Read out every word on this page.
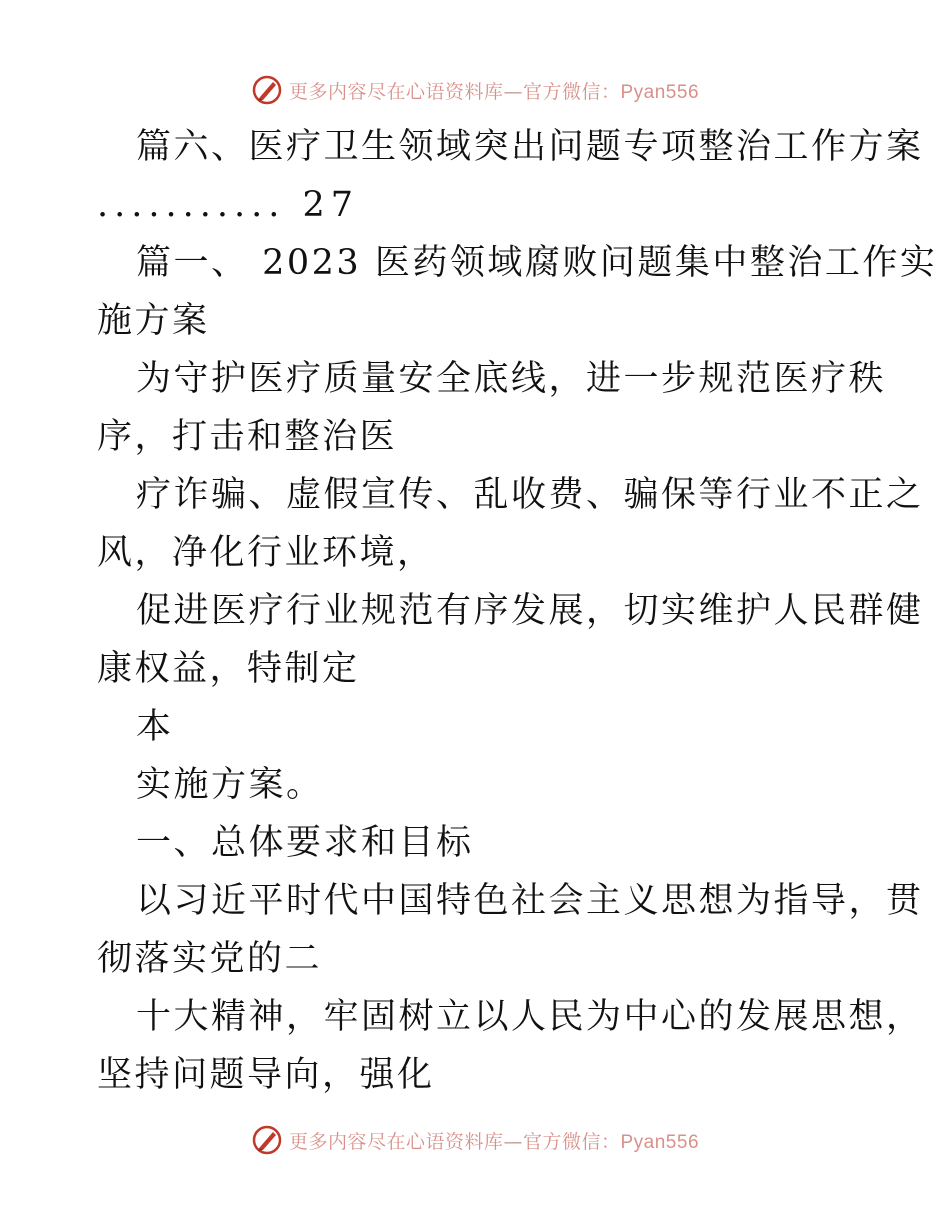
更多内容尽在心语资料库—官方微信：Pyan556
篇六、医疗卫生领域突出问题专项整治工作方案
........... 27
篇一、 2023 医药领域腐败问题集中整治工作实
施方案
为守护医疗质量安全底线，进一步规范医疗秩
序，打击和整治医
疗诈骗、虚假宣传、乱收费、骗保等行业不正之
风，净化行业环境，
促进医疗行业规范有序发展，切实维护人民群健
康权益，特制定
本
实施方案。
一、总体要求和目标
以习近平时代中国特色社会主义思想为指导，贯
彻落实党的二
十大精神，牢固树立以人民为中心的发展思想，
坚持问题导向，强化
更多内容尽在心语资料库—官方微信：Pyan556
